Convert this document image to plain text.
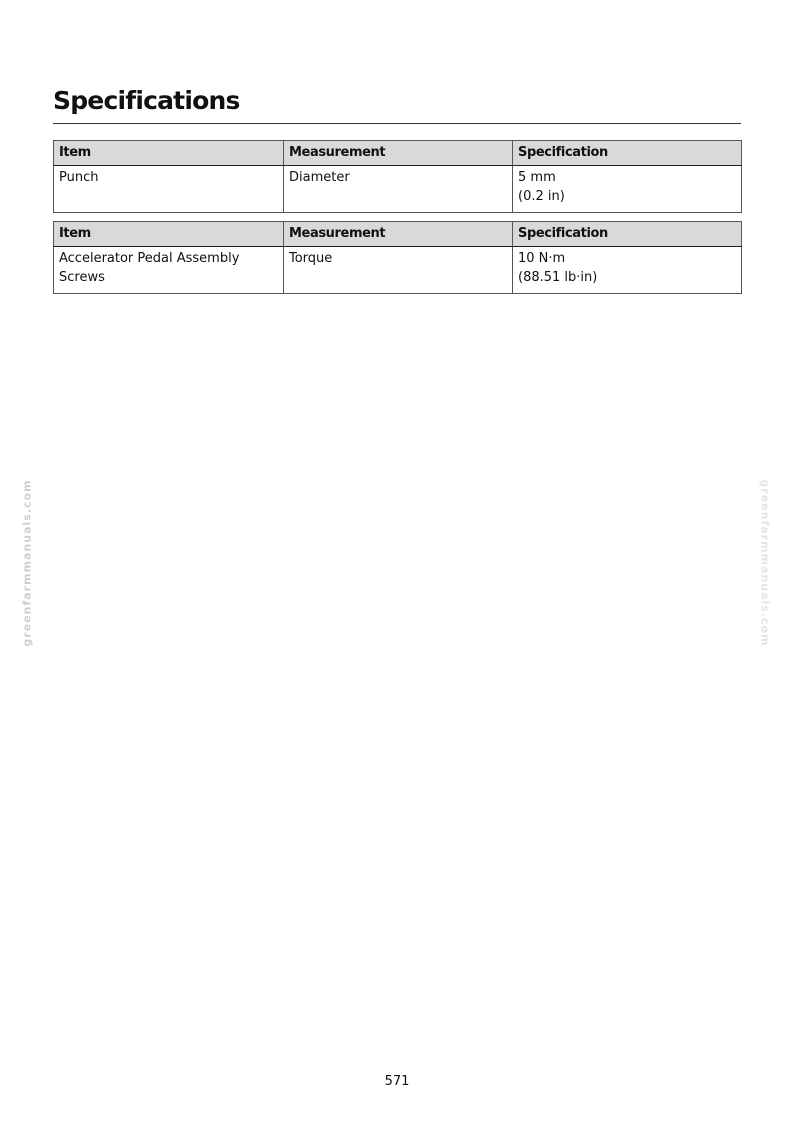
Specifications
Item	Measurement	Specification
Punch	Diameter	5 mm
(0.2 in)
Item	Measurement	Specification
Accelerator Pedal Assembly Screws	Torque	10 N·m
(88.51 lb·in)
greenfarmmanuals.com	greenfarmmanuals.com
571
